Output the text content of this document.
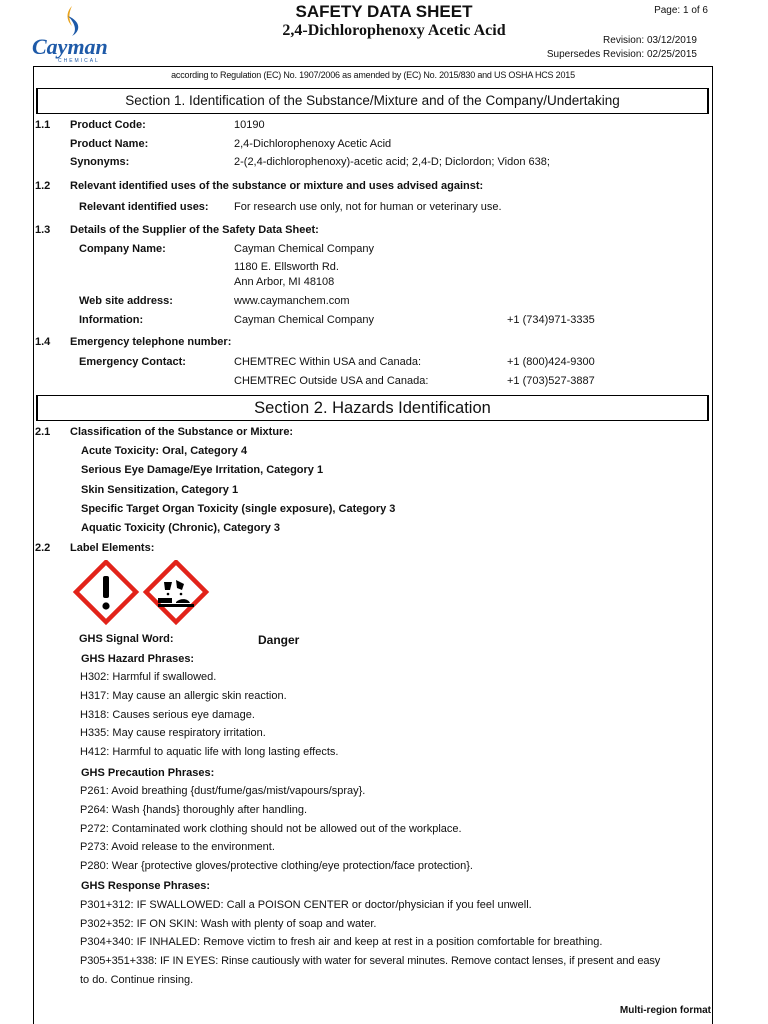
Cayman
CHEMICAL
SAFETY DATA SHEET
2,4-Dichlorophenoxy Acetic Acid
Page: 1 of 6
Revision: 03/12/2019
Supersedes Revision: 02/25/2015
according to Regulation (EC) No. 1907/2006 as amended by (EC) No. 2015/830 and US OSHA HCS 2015
Section 1. Identification of the Substance/Mixture and of the Company/Undertaking
1.1 Product Code:	10190
Product Name:	2,4-Dichlorophenoxy Acetic Acid
Synonyms:	2-(2,4-dichlorophenoxy)-acetic acid; 2,4-D; Diclordon; Vidon 638;
1.2 Relevant identified uses of the substance or mixture and uses advised against:
Relevant identified uses: For research use only, not for human or veterinary use.
1.3 Details of the Supplier of the Safety Data Sheet:
Company Name:	Cayman Chemical Company
1180 E. Ellsworth Rd.
Ann Arbor, MI 48108
Web site address:	www.caymanchem.com
Information:	Cayman Chemical Company	+1 (734)971-3335
1.4 Emergency telephone number:
Emergency Contact:	CHEMTREC Within USA and Canada:	+1 (800)424-9300
CHEMTREC Outside USA and Canada:	+1 (703)527-3887
Section 2. Hazards Identification
2.1 Classification of the Substance or Mixture:
Acute Toxicity: Oral, Category 4
Serious Eye Damage/Eye Irritation, Category 1
Skin Sensitization, Category 1
Specific Target Organ Toxicity (single exposure), Category 3
Aquatic Toxicity (Chronic), Category 3
2.2 Label Elements:
GHS Signal Word:	Danger
GHS Hazard Phrases:
H302: Harmful if swallowed.
H317: May cause an allergic skin reaction.
H318: Causes serious eye damage.
H335: May cause respiratory irritation.
H412: Harmful to aquatic life with long lasting effects.
GHS Precaution Phrases:
P261: Avoid breathing {dust/fume/gas/mist/vapours/spray}.
P264: Wash {hands} thoroughly after handling.
P272: Contaminated work clothing should not be allowed out of the workplace.
P273: Avoid release to the environment.
P280: Wear {protective gloves/protective clothing/eye protection/face protection}.
GHS Response Phrases:
P301+312: IF SWALLOWED: Call a POISON CENTER or doctor/physician if you feel unwell.
P302+352: IF ON SKIN: Wash with plenty of soap and water.
P304+340: IF INHALED: Remove victim to fresh air and keep at rest in a position comfortable for breathing.
P305+351+338: IF IN EYES: Rinse cautiously with water for several minutes. Remove contact lenses, if present and easy
to do. Continue rinsing.
Multi-region format
